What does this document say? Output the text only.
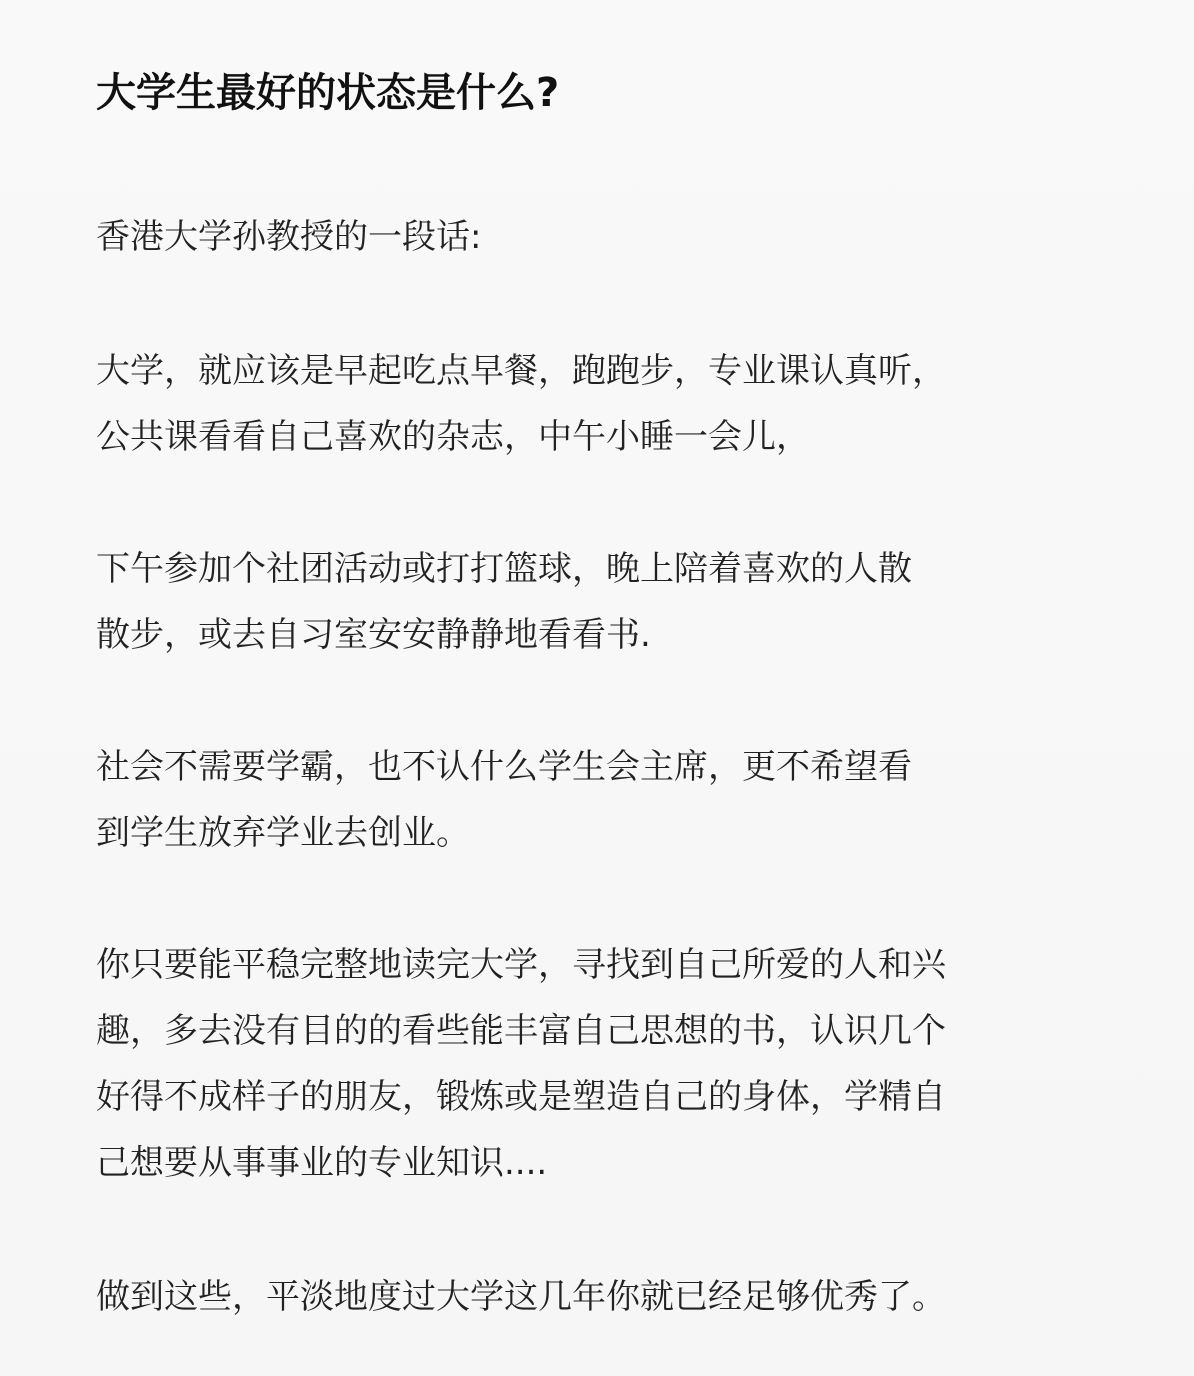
大学生最好的状态是什么?

香港大学孙教授的一段话:

大学，就应该是早起吃点早餐，跑跑步，专业课认真听，
公共课看看自己喜欢的杂志，中午小睡一会儿，

下午参加个社团活动或打打篮球，晚上陪着喜欢的人散
散步，或去自习室安安静静地看看书.

社会不需要学霸，也不认什么学生会主席，更不希望看
到学生放弃学业去创业。

你只要能平稳完整地读完大学，寻找到自己所爱的人和兴
趣，多去没有目的的看些能丰富自己思想的书，认识几个
好得不成样子的朋友，锻炼或是塑造自己的身体，学精自
己想要从事事业的专业知识....

做到这些，平淡地度过大学这几年你就已经足够优秀了。
